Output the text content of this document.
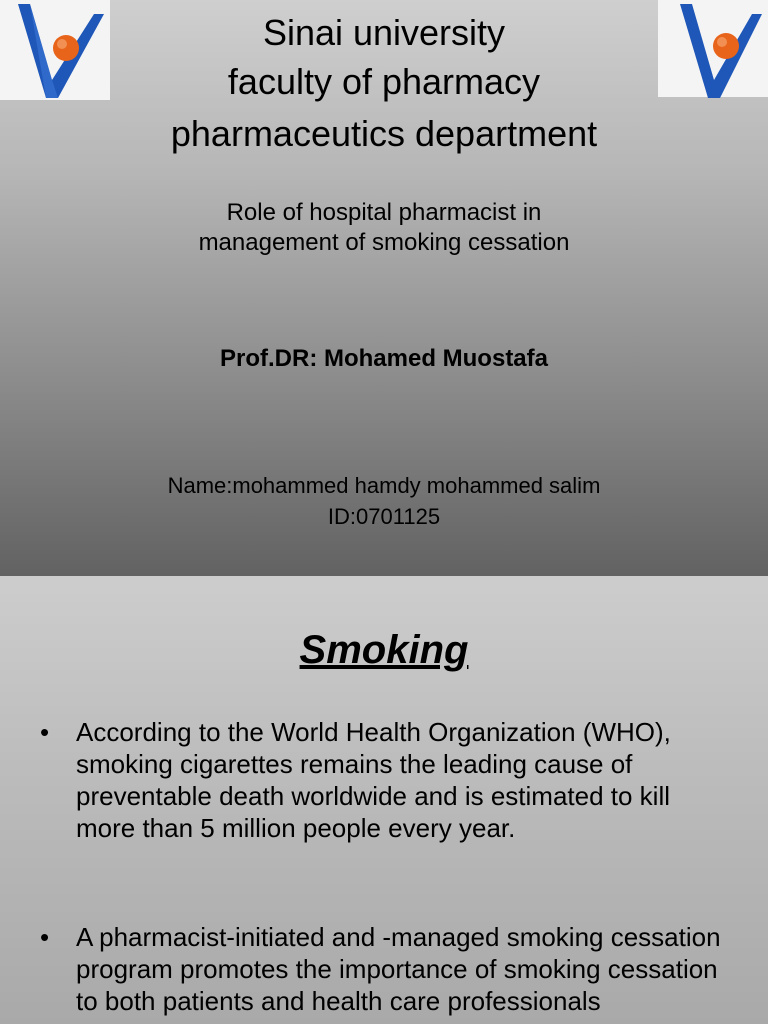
Sinai university
faculty of pharmacy
pharmaceutics department
Role of hospital pharmacist in
management of smoking cessation
Prof.DR: Mohamed Muostafa
Name:mohammed hamdy mohammed salim
ID:0701125
Smoking
• According to the World Health Organization (WHO), smoking cigarettes remains the leading cause of preventable death worldwide and is estimated to kill more than 5 million people every year.
• A pharmacist-initiated and -managed smoking cessation program promotes the importance of smoking cessation to both patients and health care professionals
